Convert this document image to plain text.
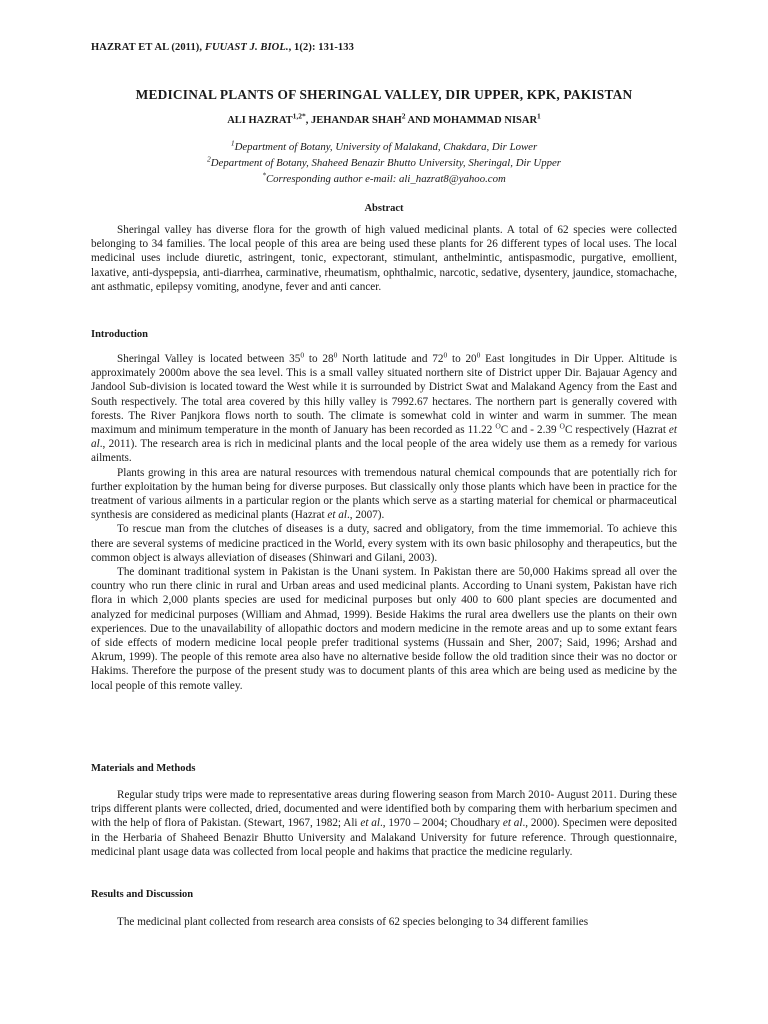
HAZRAT ET AL (2011), FUUAST J. BIOL., 1(2): 131-133
MEDICINAL PLANTS OF SHERINGAL VALLEY, DIR UPPER, KPK, PAKISTAN
ALI $HAZRAT^{1,2*}$, JEHANDAR SHAH$^2$ AND MOHAMMAD NISAR$^1$
$^1$Department of Botany, University of Malakand, Chakdara, Dir Lower
$^2$Department of Botany, Shaheed Benazir Bhutto University, Sheringal, Dir Upper
*Corresponding author e-mail: ali_hazrat8@yahoo.com
Abstract

Sheringal valley has diverse flora for the growth of high valued medicinal plants. A total of 62 species were collected belonging to 34 families. The local people of this area are being used these plants for 26 different types of local uses. The local medicinal uses include diuretic, astringent, tonic, expectorant, stimulant, anthelmintic, antispasmodic, purgative, emollient, laxative, anti-dyspepsia, anti-diarrhea, carminative, rheumatism, ophthalmic, narcotic, sedative, dysentery, jaundice, stomachache, ant asthmatic, epilepsy vomiting, anodyne, fever and anti cancer.

Introduction

Sheringal Valley is located between $35^0$ to $28^0$ North latitude and $72^0$ to $20^0$ East longitudes in Dir Upper. Altitude is approximately 2000m above the sea level. This is a small valley situated northern site of District upper Dir. Bajauar Agency and Jandool Sub-division is located toward the West while it is surrounded by District Swat and Malakand Agency from the East and South respectively. The total area covered by this hilly valley is 7992.67 hectares. The northern part is generally covered with forests. The River Panjkora flows north to south. The climate is somewhat cold in winter and warm in summer. The mean maximum and minimum temperature in the month of January has been recorded as 11.22 $^O$C and - 2.39 $^O$C respectively (Hazrat et al., 2011). The research area is rich in medicinal plants and the local people of the area widely use them as a remedy for various ailments.

Plants growing in this area are natural resources with tremendous natural chemical compounds that are potentially rich for further exploitation by the human being for diverse purposes. But classically only those plants which have been in practice for the treatment of various ailments in a particular region or the plants which serve as a starting material for chemical or pharmaceutical synthesis are considered as medicinal plants (Hazrat et al., 2007).

To rescue man from the clutches of diseases is a duty, sacred and obligatory, from the time immemorial. To achieve this there are several systems of medicine practiced in the World, every system with its own basic philosophy and therapeutics, but the common object is always alleviation of diseases (Shinwari and Gilani, 2003).

The dominant traditional system in Pakistan is the Unani system. In Pakistan there are 50,000 Hakims spread all over the country who run there clinic in rural and Urban areas and used medicinal plants. According to Unani system, Pakistan have rich flora in which 2,000 plants species are used for medicinal purposes but only 400 to 600 plant species are documented and analyzed for medicinal purposes (William and Ahmad, 1999). Beside Hakims the rural area dwellers use the plants on their own experiences. Due to the unavailability of allopathic doctors and modern medicine in the remote areas and up to some extant fears of side effects of modern medicine local people prefer traditional systems (Hussain and Sher, 2007; Said, 1996; Arshad and Akrum, 1999). The people of this remote area also have no alternative beside follow the old tradition since their was no doctor or Hakims. Therefore the purpose of the present study was to document plants of this area which are being used as medicine by the local people of this remote valley.

Materials and Methods

Regular study trips were made to representative areas during flowering season from March 2010- August 2011. During these trips different plants were collected, dried, documented and were identified both by comparing them with herbarium specimen and with the help of flora of Pakistan. (Stewart, 1967, 1982; Ali et al., 1970 – 2004; Choudhary et al., 2000). Specimen were deposited in the Herbaria of Shaheed Benazir Bhutto University and Malakand University for future reference. Through questionnaire, medicinal plant usage data was collected from local people and hakims that practice the medicine regularly.

Results and Discussion

The medicinal plant collected from research area consists of 62 species belonging to 34 different families
